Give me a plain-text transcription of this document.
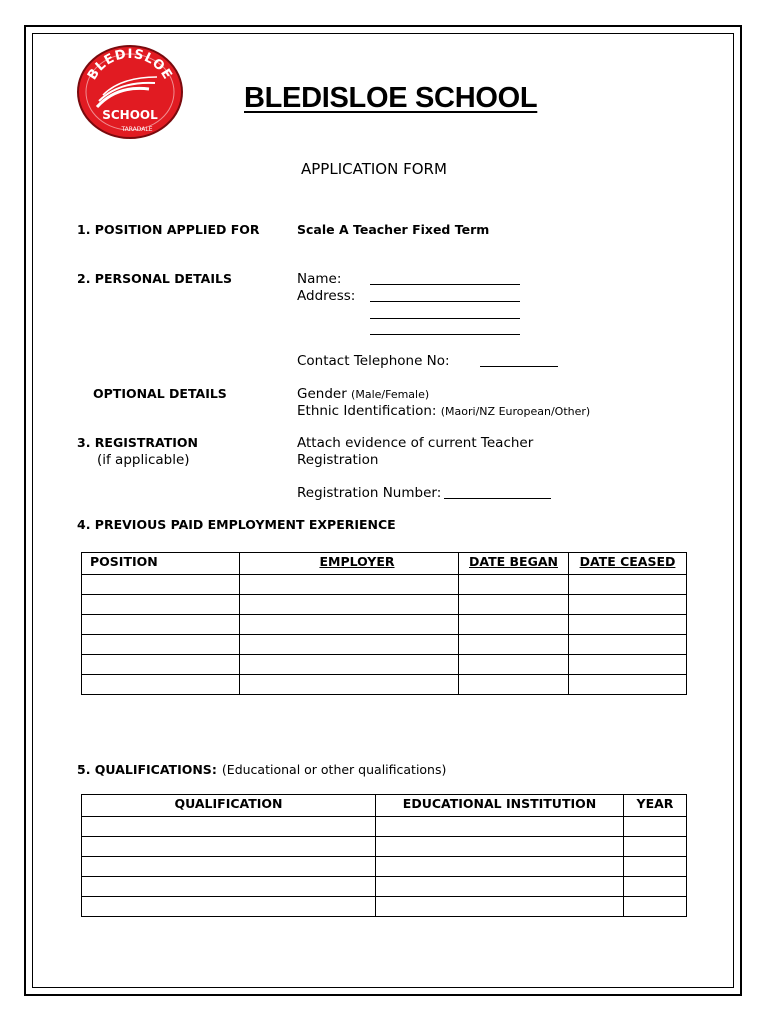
BLEDISLOE
SCHOOL
TARADALE
BLEDISLOE SCHOOL
APPLICATION FORM
1. POSITION APPLIED FOR	Scale A Teacher Fixed Term
2. PERSONAL DETAILS	Name:
Address:
Contact Telephone No:
OPTIONAL DETAILS	Gender (Male/Female)
Ethnic Identification: (Maori/NZ European/Other)
3. REGISTRATION
(if applicable)
Attach evidence of current Teacher
Registration
Registration Number:
4. PREVIOUS PAID EMPLOYMENT EXPERIENCE
POSITION	EMPLOYER	DATE BEGAN	DATE CEASED

5. QUALIFICATIONS: (Educational or other qualifications)
QUALIFICATION	EDUCATIONAL INSTITUTION	YEAR
